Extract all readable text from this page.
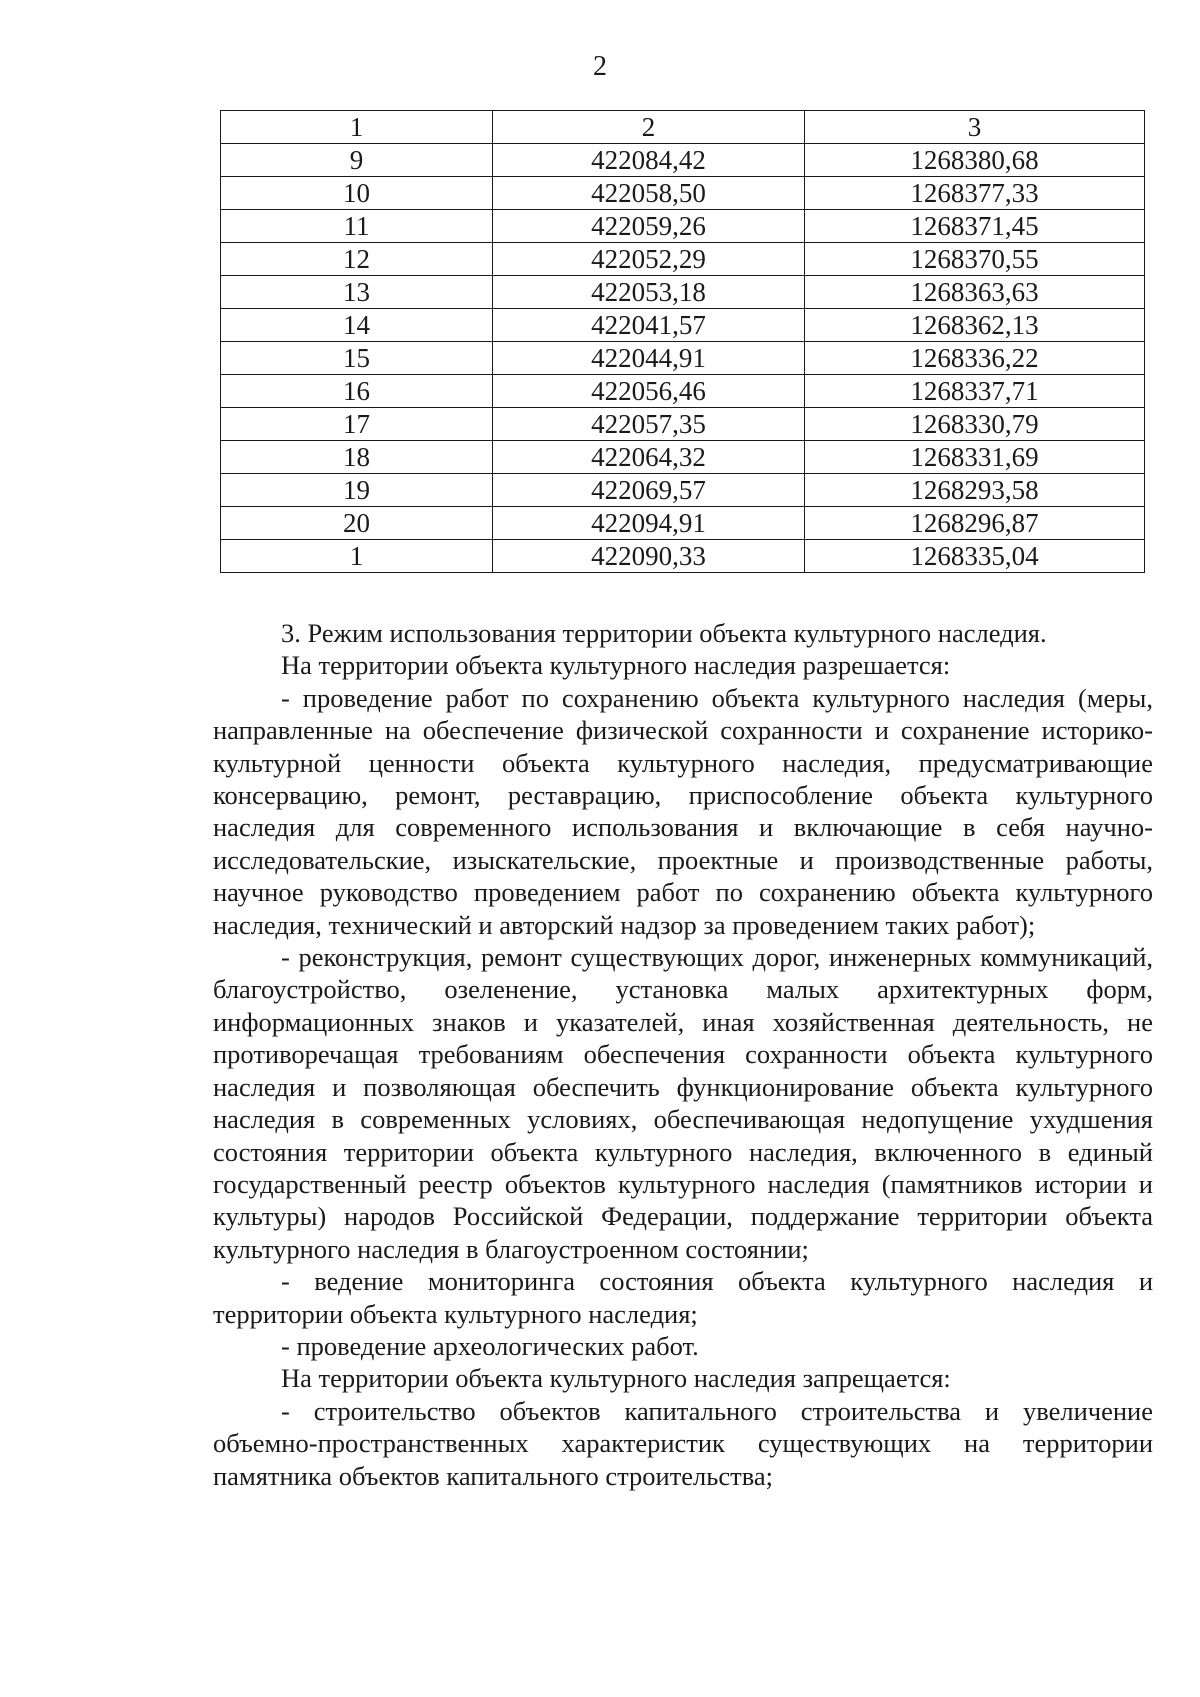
2
1	2	3
9	422084,42	1268380,68
10	422058,50	1268377,33
11	422059,26	1268371,45
12	422052,29	1268370,55
13	422053,18	1268363,63
14	422041,57	1268362,13
15	422044,91	1268336,22
16	422056,46	1268337,71
17	422057,35	1268330,79
18	422064,32	1268331,69
19	422069,57	1268293,58
20	422094,91	1268296,87
1	422090,33	1268335,04

3. Режим использования территории объекта культурного наследия.

На территории объекта культурного наследия разрешается:

- проведение работ по сохранению объекта культурного наследия (меры, направленные на обеспечение физической сохранности и сохранение историко-культурной ценности объекта культурного наследия, предусматривающие консервацию, ремонт, реставрацию, приспособление объекта культурного наследия для современного использования и включающие в себя научно-исследовательские, изыскательские, проектные и производственные работы, научное руководство проведением работ по сохранению объекта культурного наследия, технический и авторский надзор за проведением таких работ);

- реконструкция, ремонт существующих дорог, инженерных коммуникаций, благоустройство, озеленение, установка малых архитектурных форм, информационных знаков и указателей, иная хозяйственная деятельность, не противоречащая требованиям обеспечения сохранности объекта культурного наследия и позволяющая обеспечить функционирование объекта культурного наследия в современных условиях, обеспечивающая недопущение ухудшения состояния территории объекта культурного наследия, включенного в единый государственный реестр объектов культурного наследия (памятников истории и культуры) народов Российской Федерации, поддержание территории объекта культурного наследия в благоустроенном состоянии;

- ведение мониторинга состояния объекта культурного наследия и территории объекта культурного наследия;

- проведение археологических работ.

На территории объекта культурного наследия запрещается:

- строительство объектов капитального строительства и увеличение объемно-пространственных характеристик существующих на территории памятника объектов капитального строительства;
